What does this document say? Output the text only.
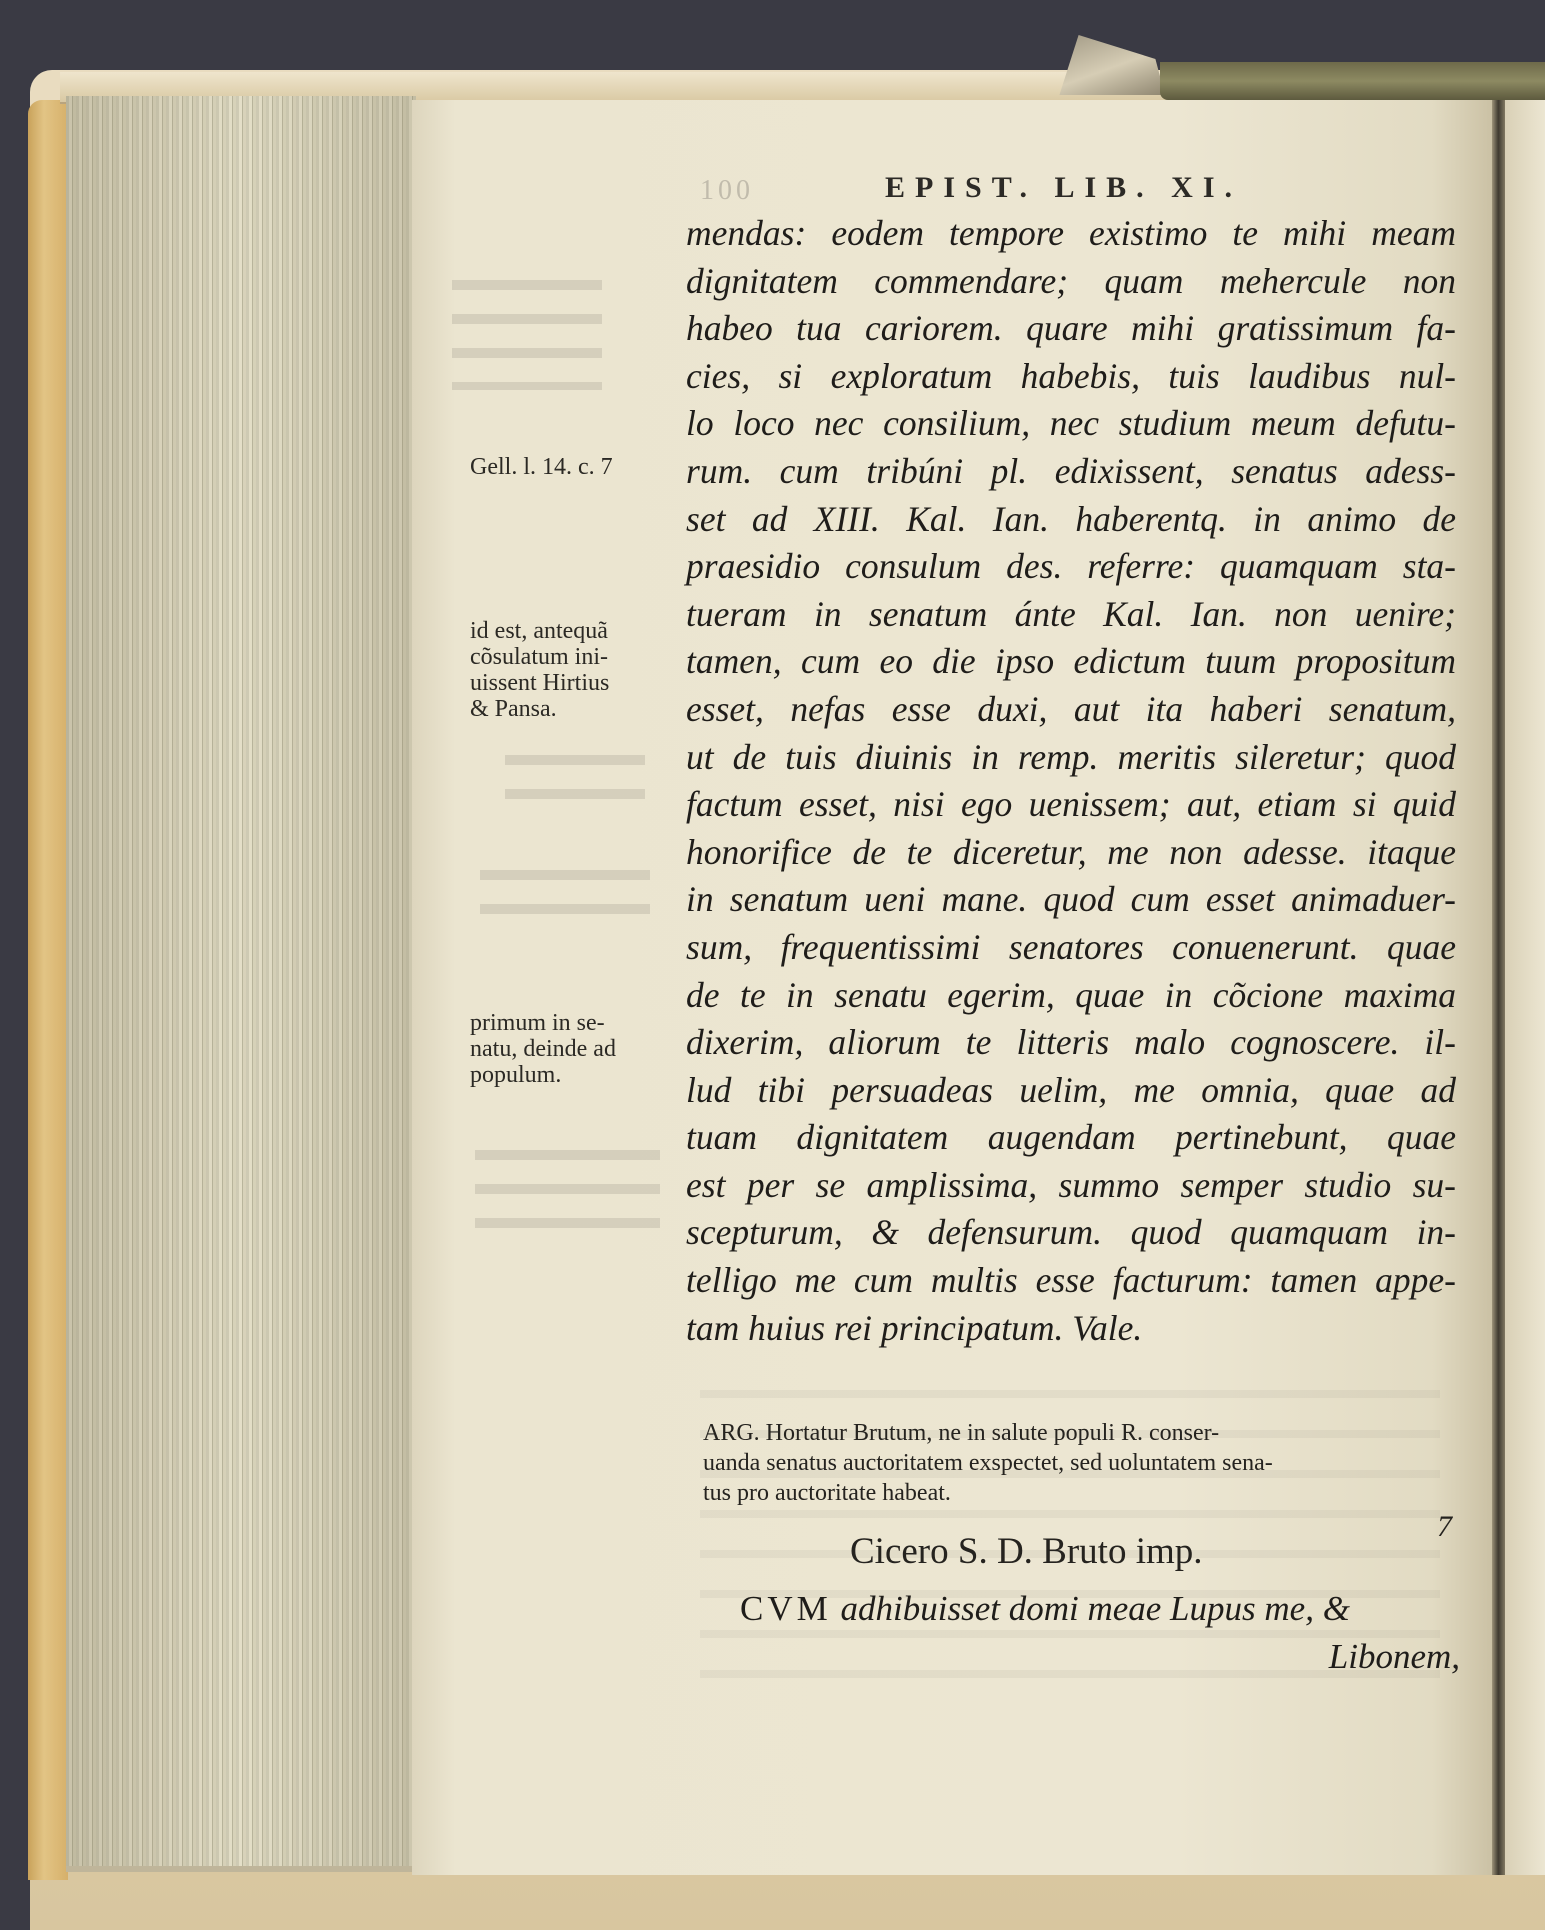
100	EPIST. LIB. XI.
Gell. l. 14. c. 7
id est, antequã
cõsulatum ini-
uissent Hirtius
& Pansa.
primum in se-
natu, deinde ad
populum.
mendas: eodem tempore existimo te mihi meam
dignitatem commendare; quam mehercule non
habeo tua cariorem. quare mihi gratissimum fa-
cies, si exploratum habebis, tuis laudibus nul-
lo loco nec consilium, nec studium meum defutu-
rum. cum tribúni pl. edixissent, senatus adess-
set ad XIII. Kal. Ian. haberentq. in animo de
praesidio consulum des. referre: quamquam sta-
tueram in senatum ánte Kal. Ian. non uenire;
tamen, cum eo die ipso edictum tuum propositum
esset, nefas esse duxi, aut ita haberi senatum,
ut de tuis diuinis in remp. meritis sileretur; quod
factum esset, nisi ego uenissem; aut, etiam si quid
honorifice de te diceretur, me non adesse. itaque
in senatum ueni mane. quod cum esset animaduer-
sum, frequentissimi senatores conuenerunt. quae
de te in senatu egerim, quae in cõcione maxima
dixerim, aliorum te litteris malo cognoscere. il-
lud tibi persuadeas uelim, me omnia, quae ad
tuam dignitatem augendam pertinebunt, quae
est per se amplissima, summo semper studio su-
scepturum, & defensurum. quod quamquam in-
telligo me cum multis esse facturum: tamen appe-
tam huius rei principatum. Vale.
ARG. Hortatur Brutum, ne in salute populi R. conser-
uanda senatus auctoritatem exspectet, sed uoluntatem sena-
tus pro auctoritate habeat.
Cicero S. D. Bruto imp.
7
CVM adhibuisset domi meae Lupus me, &
Libonem,
